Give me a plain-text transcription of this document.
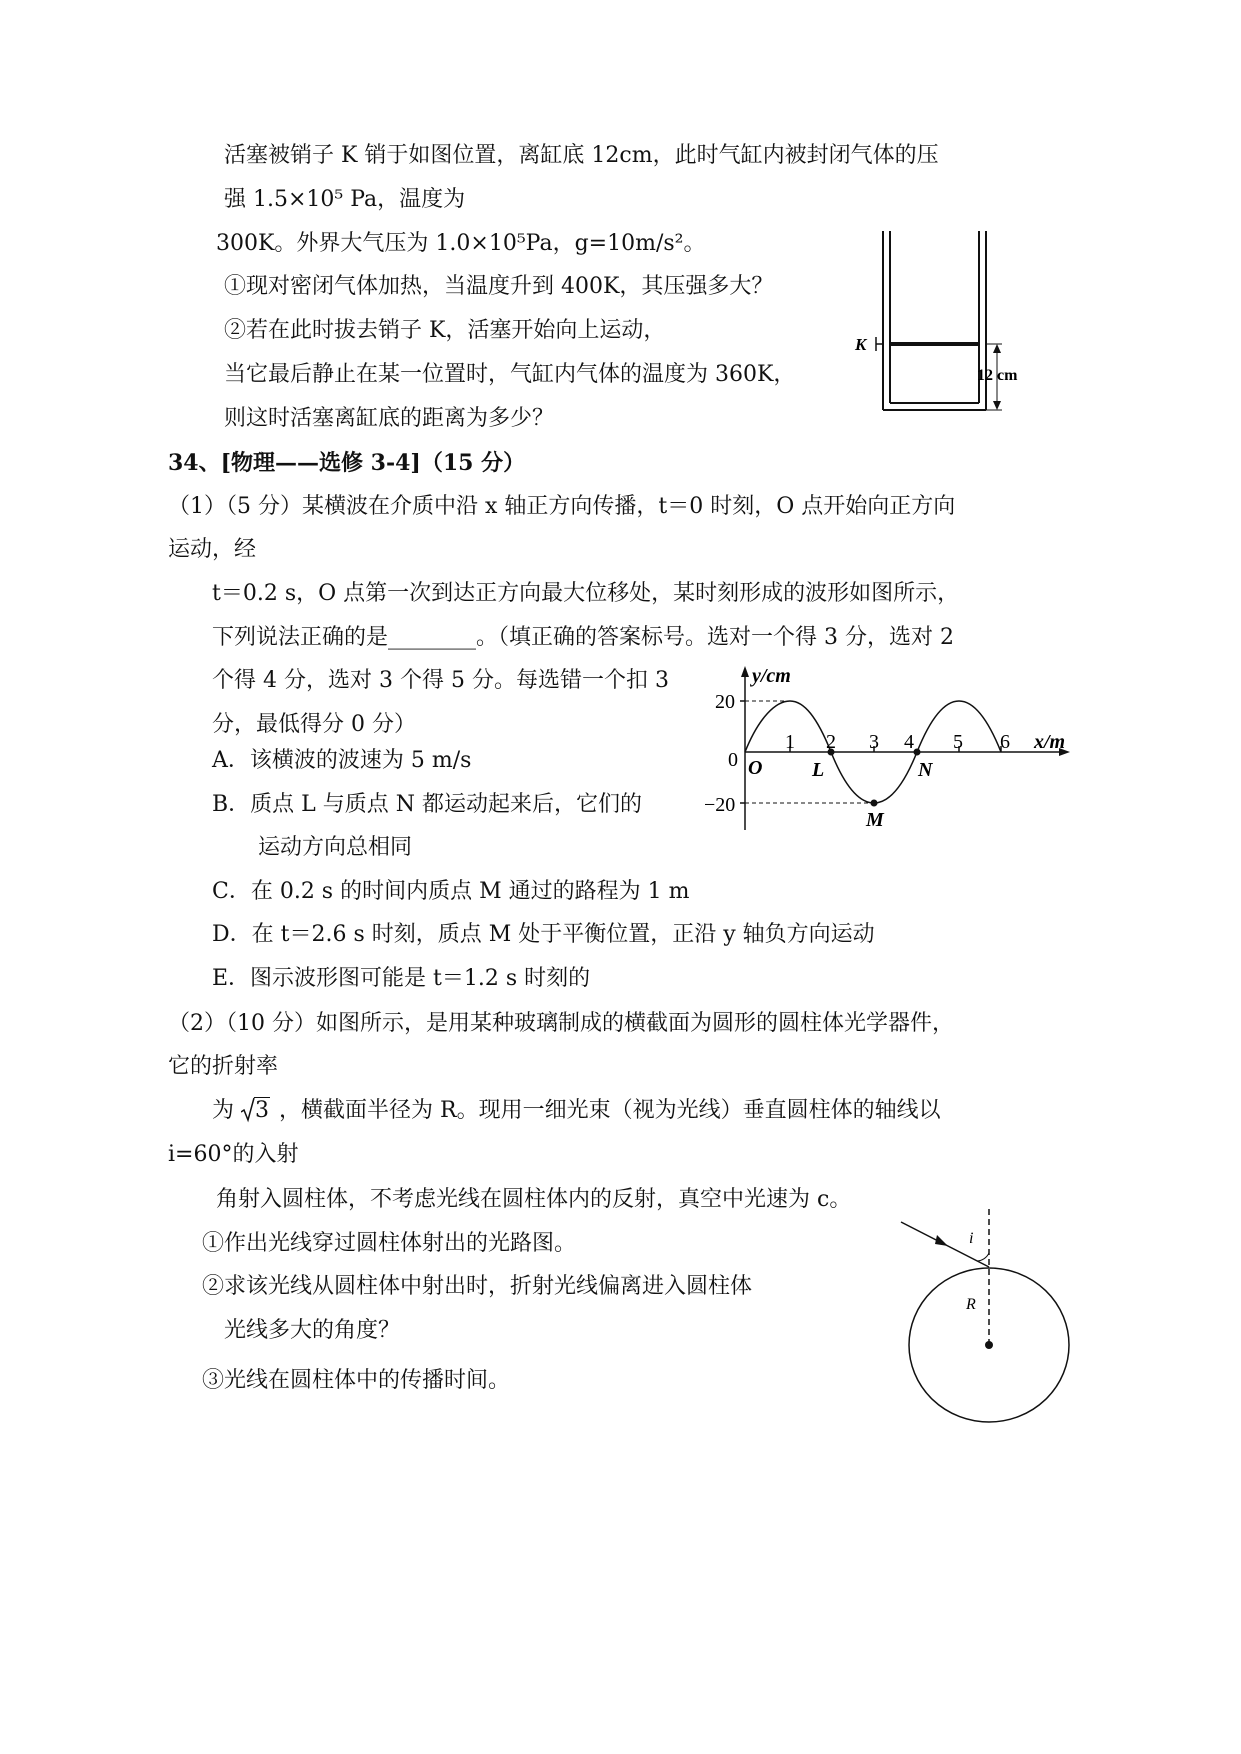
活塞被销子 K 销于如图位置，离缸底 12cm，此时气缸内被封闭气体的压
强 1.5×10⁵ Pa，温度为
300K。外界大气压为 1.0×10⁵Pa，g=10m/s²。
①现对密闭气体加热，当温度升到 400K，其压强多大？
②若在此时拔去销子 K，活塞开始向上运动，
当它最后静止在某一位置时，气缸内气体的温度为 360K，
则这时活塞离缸底的距离为多少？
K
12 cm
34、[物理——选修 3-4]（15 分）
（1）（5 分）某横波在介质中沿 x 轴正方向传播，t＝0 时刻，O 点开始向正方向
运动，经
t＝0.2 s，O 点第一次到达正方向最大位移处，某时刻形成的波形如图所示，
下列说法正确的是________。（填正确的答案标号。选对一个得 3 分，选对 2
个得 4 分，选对 3 个得 5 分。每选错一个扣 3
分，最低得分 0 分）
A．该横波的波速为 5 m/s
B．质点 L 与质点 N 都运动起来后，它们的
运动方向总相同
C．在 0.2 s 的时间内质点 M 通过的路程为 1 m
D．在 t＝2.6 s 时刻，质点 M 处于平衡位置，正沿 y 轴负方向运动
E．图示波形图可能是 t＝1.2 s 时刻的
y/cm
x/m
20
0
−20
1 2 3 4 5 6
O L	N
M
（2）（10 分）如图所示，是用某种玻璃制成的横截面为圆形的圆柱体光学器件，
它的折射率
为 3 ，横截面半径为 R。现用一细光束（视为光线）垂直圆柱体的轴线以
i=60°的入射
角射入圆柱体，不考虑光线在圆柱体内的反射，真空中光速为 c。
①作出光线穿过圆柱体射出的光路图。
②求该光线从圆柱体中射出时，折射光线偏离进入圆柱体
光线多大的角度？
③光线在圆柱体中的传播时间。
i
R
